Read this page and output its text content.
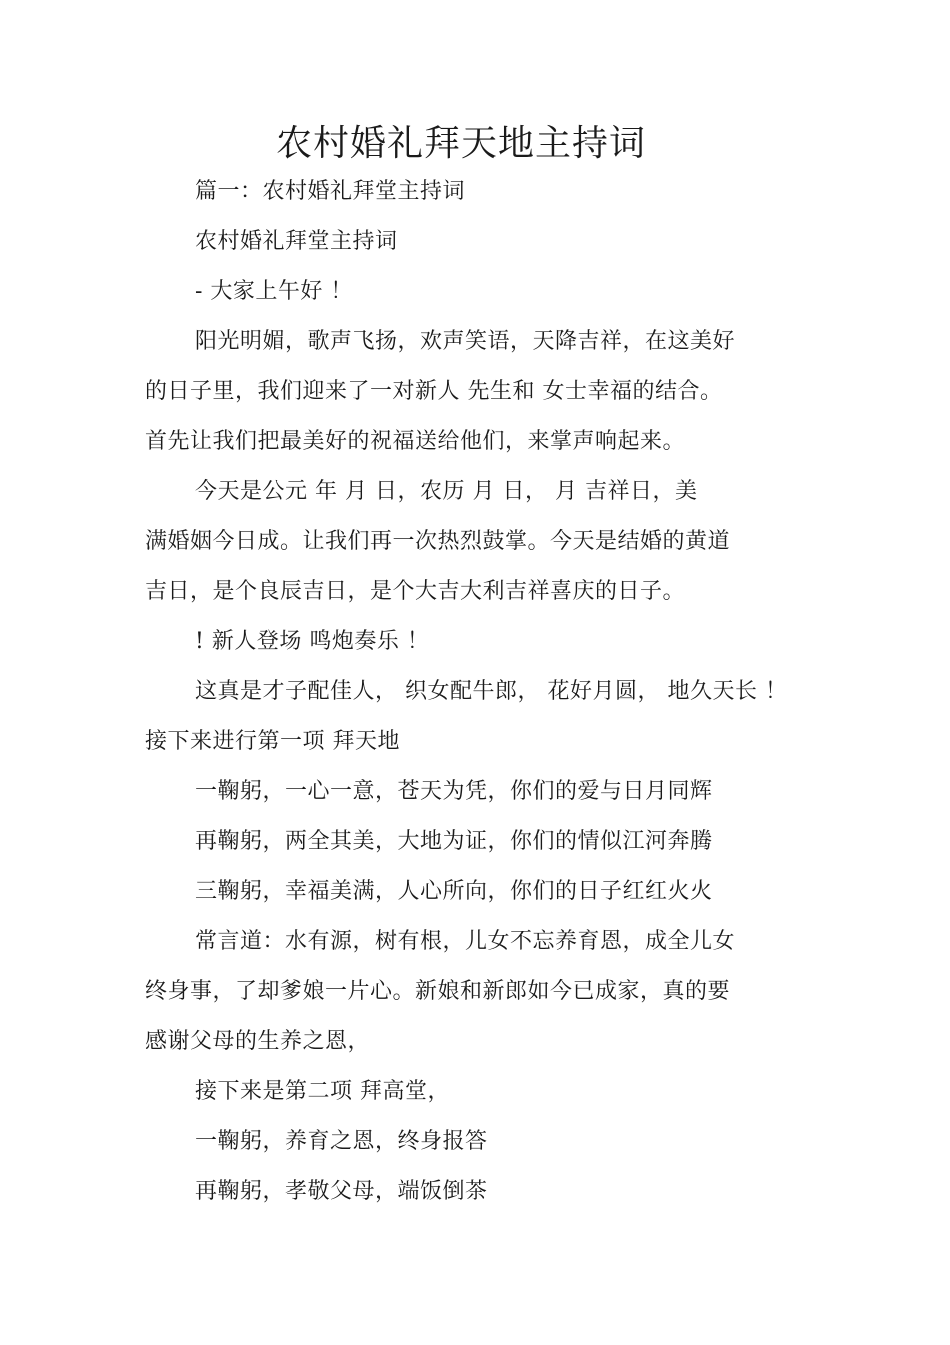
农村婚礼拜天地主持词
篇一：农村婚礼拜堂主持词
农村婚礼拜堂主持词
- 大家上午好 ！
阳光明媚，歌声飞扬，欢声笑语，天降吉祥，在这美好
的日子里，我们迎来了一对新人 先生和 女士幸福的结合。
首先让我们把最美好的祝福送给他们，来掌声响起来。
今天是公元 年 月 日，农历 月 日， 月 吉祥日，美
满婚姻今日成。让我们再一次热烈鼓掌。今天是结婚的黄道
吉日，是个良辰吉日，是个大吉大利吉祥喜庆的日子。
! 新人登场 鸣炮奏乐 ！
这真是才子配佳人， 织女配牛郎， 花好月圆， 地久天长 ！
接下来进行第一项 拜天地
一鞠躬，一心一意，苍天为凭，你们的爱与日月同辉
再鞠躬，两全其美，大地为证，你们的情似江河奔腾
三鞠躬，幸福美满，人心所向，你们的日子红红火火
常言道：水有源，树有根，儿女不忘养育恩，成全儿女
终身事，了却爹娘一片心。新娘和新郎如今已成家，真的要
感谢父母的生养之恩，
接下来是第二项 拜高堂，
一鞠躬，养育之恩，终身报答
再鞠躬，孝敬父母，端饭倒茶
